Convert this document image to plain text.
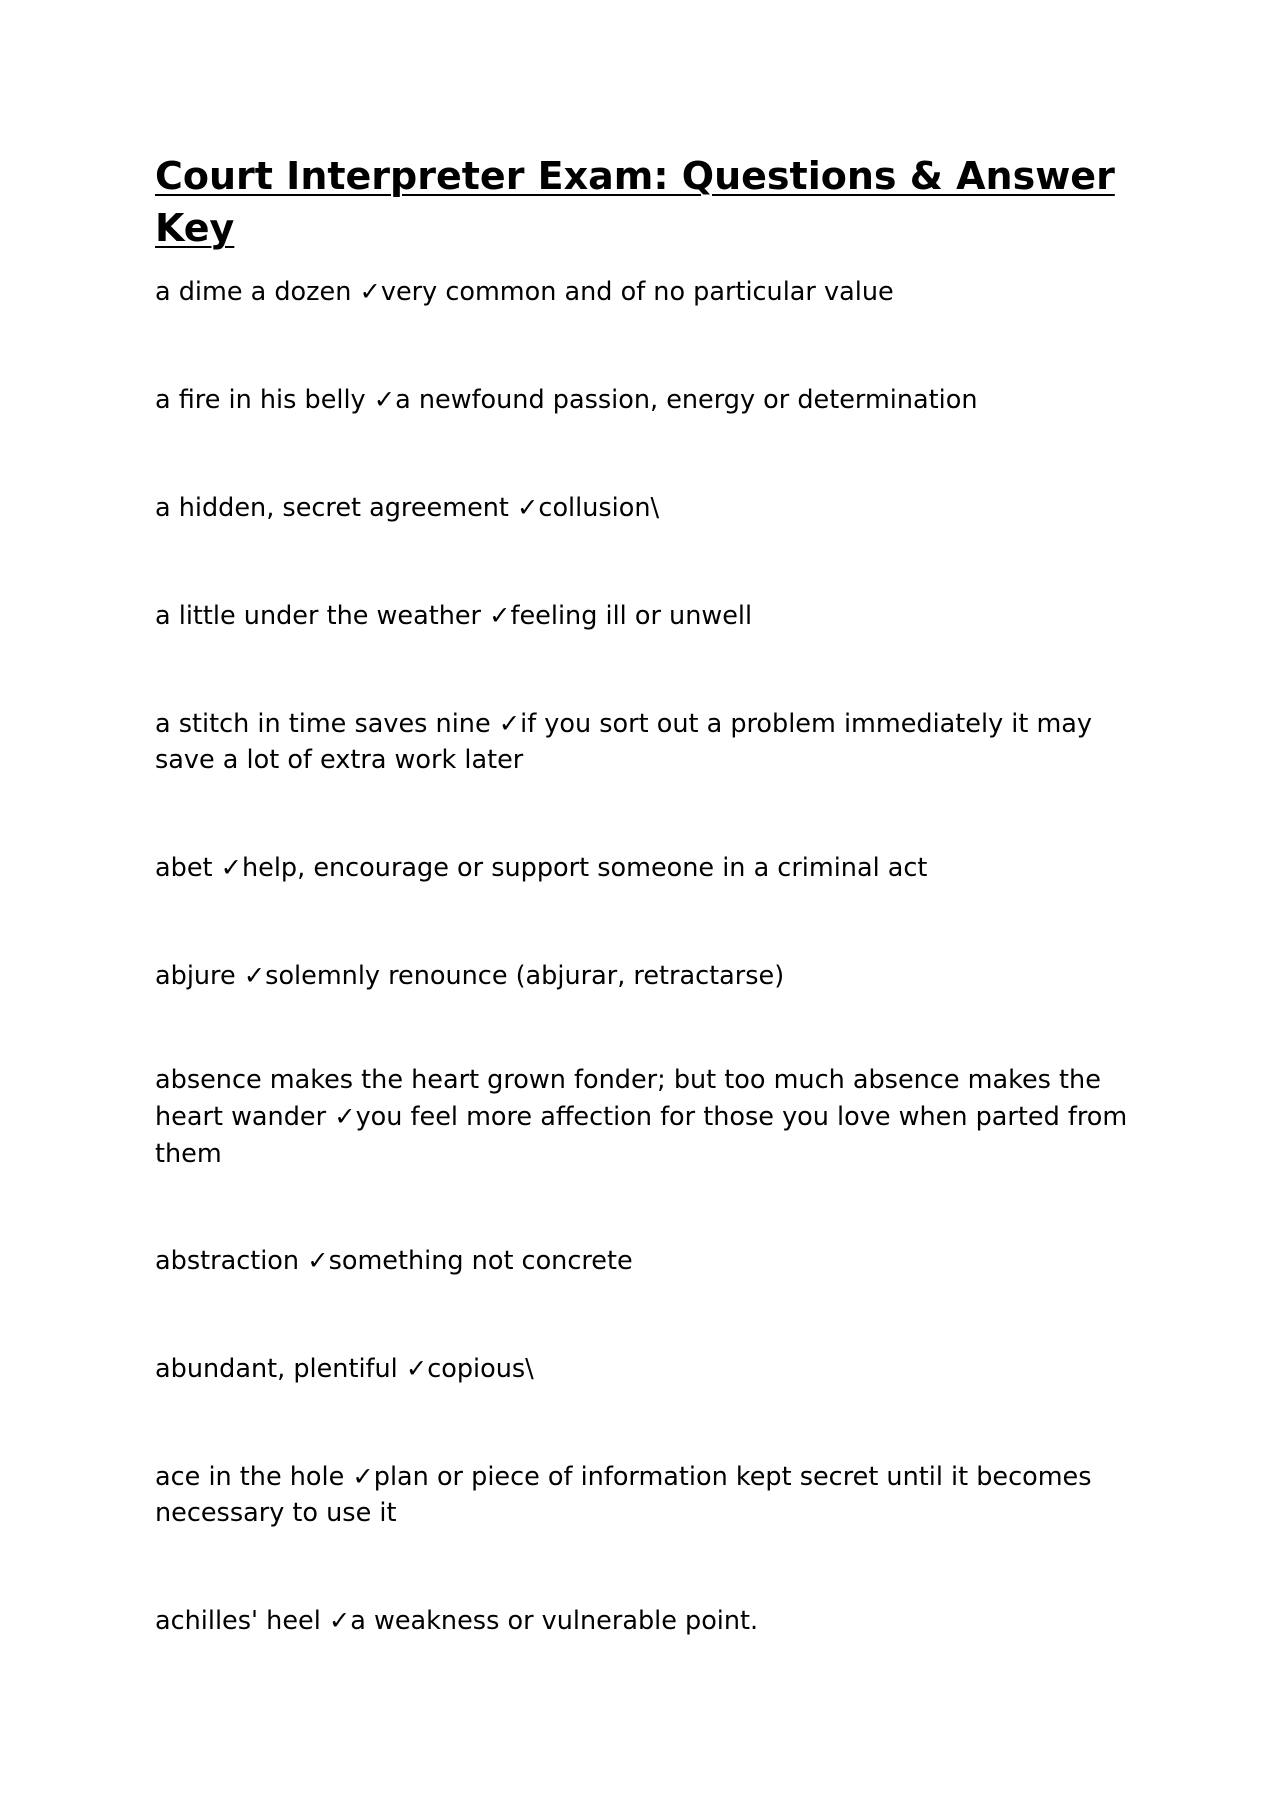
Court Interpreter Exam: Questions & Answer Key

a dime a dozen ✓very common and of no particular value

a fire in his belly ✓a newfound passion, energy or determination

a hidden, secret agreement ✓collusion\

a little under the weather ✓feeling ill or unwell

a stitch in time saves nine ✓if you sort out a problem immediately it may save a lot of extra work later

abet ✓help, encourage or support someone in a criminal act

abjure ✓solemnly renounce (abjurar, retractarse)

absence makes the heart grown fonder; but too much absence makes the heart wander ✓you feel more affection for those you love when parted from them

abstraction ✓something not concrete

abundant, plentiful ✓copious\

ace in the hole ✓plan or piece of information kept secret until it becomes necessary to use it

achilles' heel ✓a weakness or vulnerable point.
